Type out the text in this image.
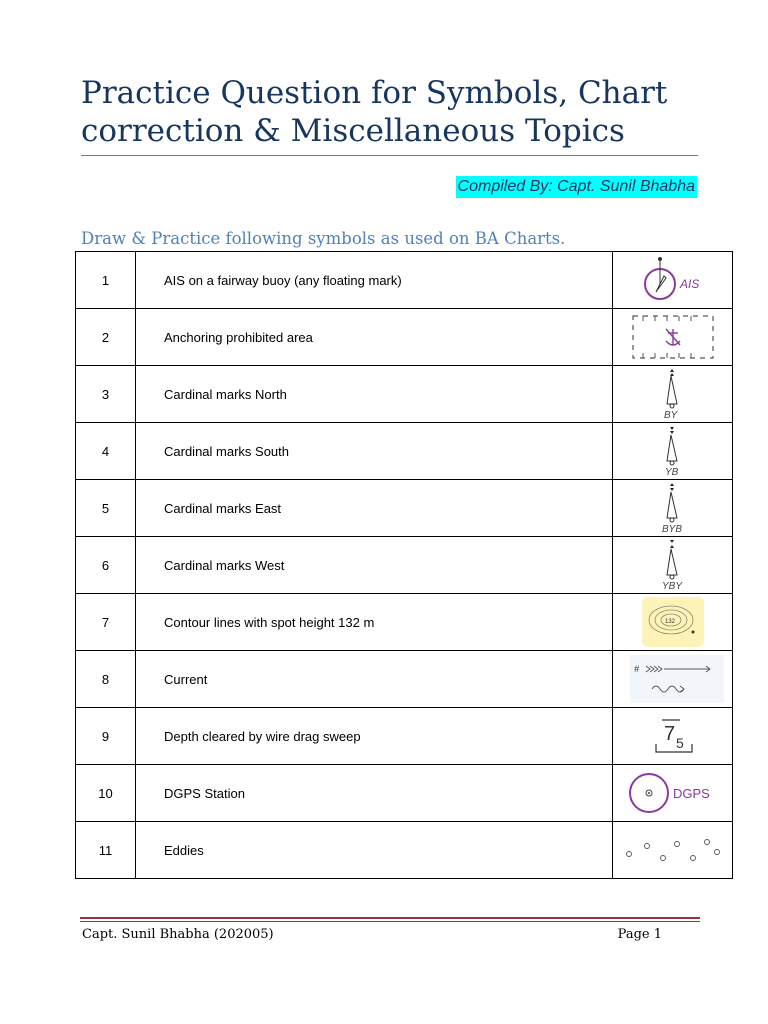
Practice Question for Symbols, Chart correction & Miscellaneous Topics
Compiled By: Capt. Sunil Bhabha
Draw & Practice following symbols as used on BA Charts.
1	AIS on a fairway buoy (any floating mark)	AIS

2	Anchoring prohibited area	

3	Cardinal marks North	BY

4	Cardinal marks South	YB

5	Cardinal marks East	BYB

6	Cardinal marks West	YBY

7	Contour lines with spot height 132 m	132

8	Current	#

9	Depth cleared by wire drag sweep	7 5

10	DGPS Station	DGPS

11	Eddies	
Capt. Sunil Bhabha (202005)	Page 1
